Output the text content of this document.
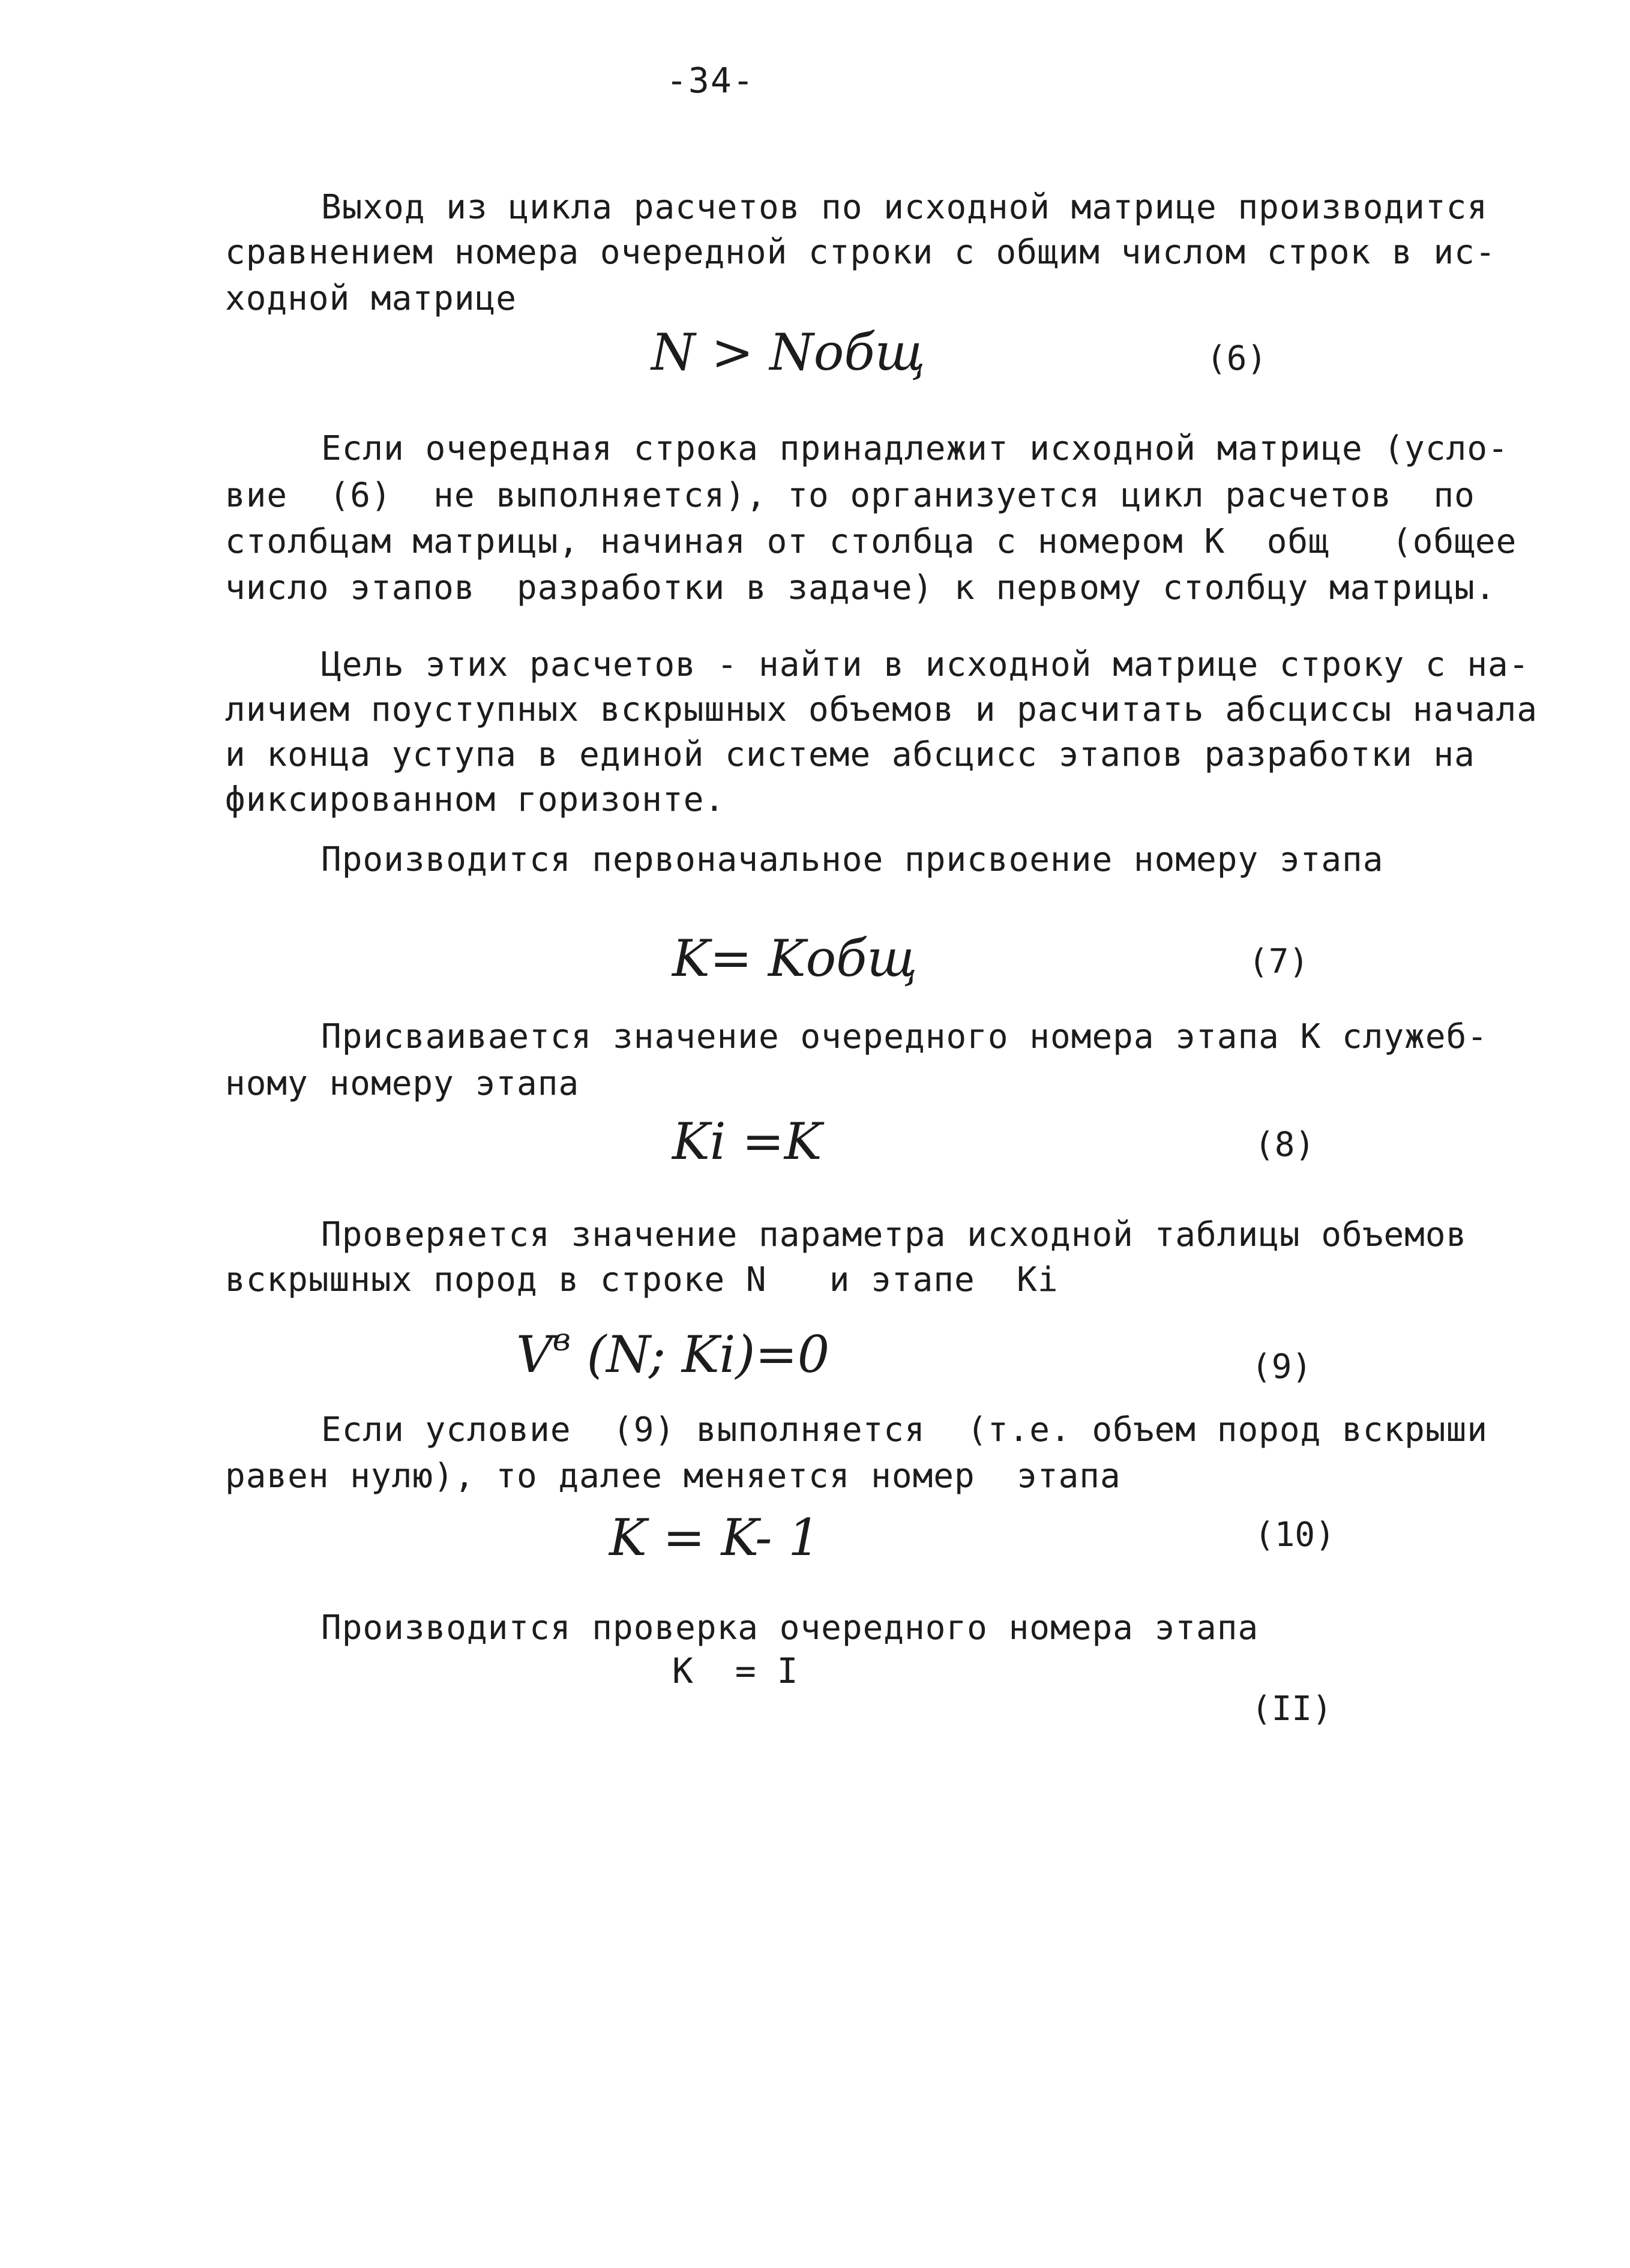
-34-
Выход из цикла расчетов по исходной матрице производится
сравнением номера очередной строки с общим числом строк в ис-
ходной матрице
N > Nобщ	(6)
Если очередная строка принадлежит исходной матрице (усло-
вие  (6)  не выполняется), то организуется цикл расчетов  по
столбцам матрицы, начиная от столбца с номером К  общ   (общее
число этапов  разработки в задаче) к первому столбцу матрицы.
Цель этих расчетов - найти в исходной матрице строку с на-
личием поуступных вскрышных объемов и расчитать абсциссы начала
и конца уступа в единой системе абсцисс этапов разработки на
фиксированном горизонте.
Производится первоначальное присвоение номеру этапа
K= Kобщ	(7)
Присваивается значение очередного номера этапа К служеб-
ному номеру этапа
Ki =K	(8)
Проверяется значение параметра исходной таблицы объемов
вскрышных пород в строке N   и этапе  Ki
$V^в$ (N; Ki)=0	(9)
Если условие  (9) выполняется  (т.е. объем пород вскрыши
равен нулю), то далее меняется номер  этапа
K = K- 1	(10)
Производится проверка очередного номера этапа
К  = I
(II)
